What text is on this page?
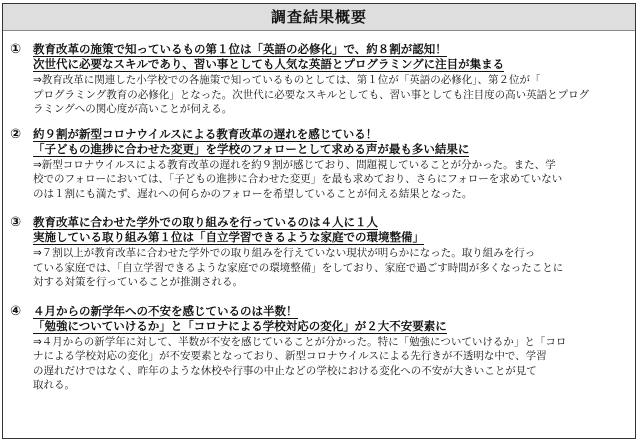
調査結果概要
① 教育改革の施策で知っているもの第１位は「英語の必修化」で、約８割が認知！
次世代に必要なスキルであり、習い事としても人気な英語とプログラミングに注目が集まる
⇒教育改革に関連した小学校での各施策で知っているものとしては、第１位が「英語の必修化」、第２位が「
プログラミング教育の必修化」となった。次世代に必要なスキルとしても、習い事としても注目度の高い英語とプログ
ラミングへの関心度が高いことが伺える。
② 約９割が新型コロナウイルスによる教育改革の遅れを感じている！
「子どもの進捗に合わせた変更」を学校のフォローとして求める声が最も多い結果に
⇒新型コロナウイルスによる教育改革の遅れを約９割が感じており、問題視していることが分かった。また、学
校でのフォローにおいては、「子どもの進捗に合わせた変更」を最も求めており、さらにフォローを求めていない
のは１割にも満たず、遅れへの何らかのフォローを希望していることが伺える結果となった。
③ 教育改革に合わせた学外での取り組みを行っているのは４人に１人
実施している取り組み第１位は「自立学習できるような家庭での環境整備」
⇒７割以上が教育改革に合わせた学外での取り組みを行えていない現状が明らかになった。取り組みを行っ
ている家庭では、「自立学習できるような家庭での環境整備」をしており、家庭で過ごす時間が多くなったことに
対する対策を行っていることが推測される。
④ ４月からの新学年への不安を感じているのは半数！
「勉強についていけるか」と「コロナによる学校対応の変化」が２大不安要素に
⇒４月からの新学年に対して、半数が不安を感じていることが分かった。特に「勉強についていけるか」と「コロ
ナによる学校対応の変化」が不安要素となっており、新型コロナウイルスによる先行きが不透明な中で、学習
の遅れだけではなく、昨年のような休校や行事の中止などの学校における変化への不安が大きいことが見て
取れる。
